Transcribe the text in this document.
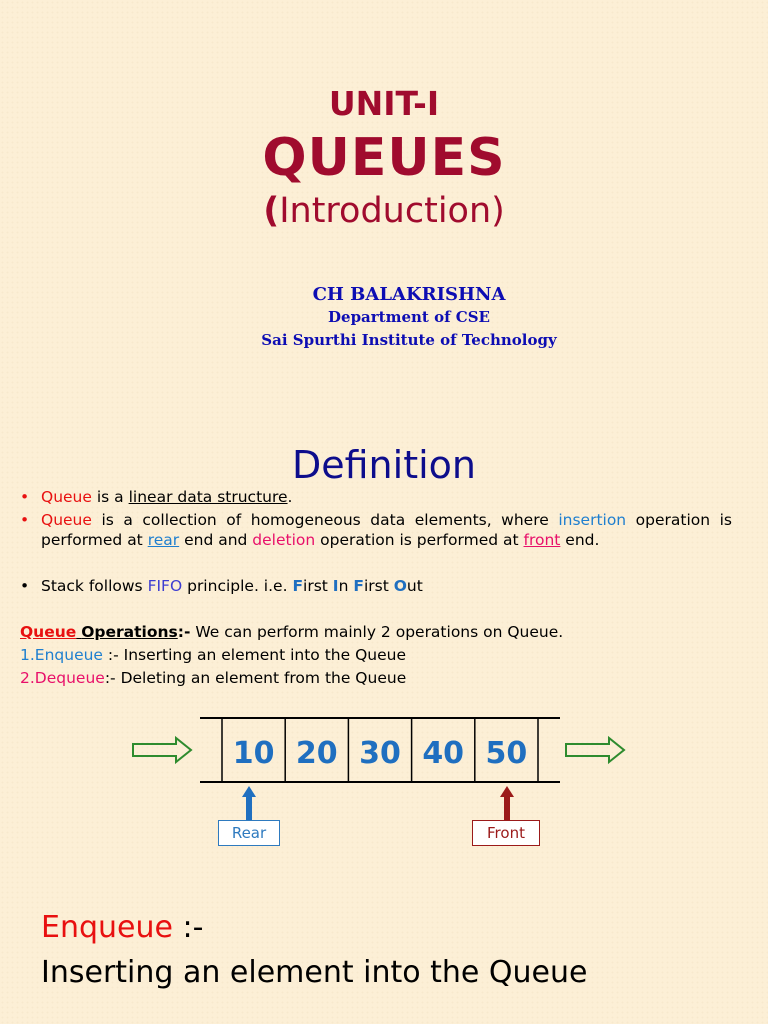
UNIT-I
QUEUES
(Introduction)
CH BALAKRISHNA
Department of CSE
Sai Spurthi Institute of Technology
Definition
• Queue is a linear data structure.
• Queue is a collection of homogeneous data elements, where insertion operation is performed at rear end and deletion operation is performed at front end.
• Stack follows FIFO principle. i.e. First In First Out
Queue Operations:- We can perform mainly 2 operations on Queue.
1.Enqueue :- Inserting an element into the Queue
2.Dequeue:- Deleting an element from the Queue
10 20 30 40 50
Rear	Front
Enqueue :-
Inserting an element into the Queue
